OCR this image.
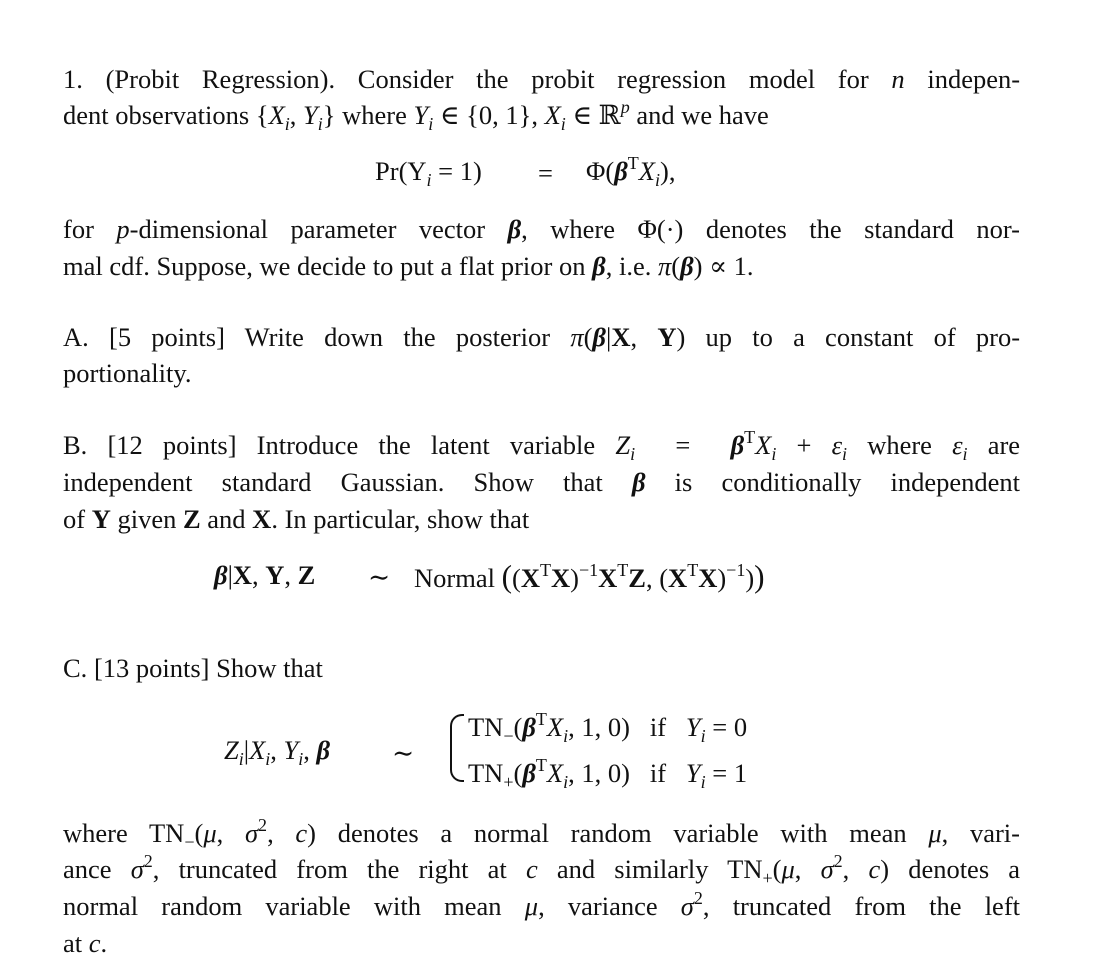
1. (Probit Regression). Consider the probit regression model for n indepen-
dent observations {$X_i$, $Y_i$} where $Y_i$ ∈ {0, 1}, $X_i$ ∈ ℝ$^p$ and we have
$Pr(Y_i = 1) = \Phi(\beta^TX_i)$,
for p-dimensional parameter vector β, where Φ(·) denotes the standard nor-
mal cdf. Suppose, we decide to put a flat prior on β, i.e. π(β) ∝ 1.
A. [5 points] Write down the posterior π(β|X, Y) up to a constant of pro-
portionality.
B. [12 points] Introduce the latent variable $Z_i = \beta^TX_i + \varepsilon_i$ where $\varepsilon_i$ are
independent standard Gaussian. Show that β is conditionally independent
of Y given Z and X. In particular, show that
β|X, Y, Z ∼ Normal ($(X^TX)^{-1}X^TZ$, $(X^TX)^{-1}$))
C. [13 points] Show that
$Z_i|X_i$, $Y_i$, β ∼
$TN_-(\beta^TX_i$, 1, 0)   if $Y_i = 0$
$TN_+(\beta^TX_i$, 1, 0)   if $Y_i = 1$
where $TN_-(\mu$, $\sigma^2$, c) denotes a normal random variable with mean μ, vari-
ance $\sigma^2$, truncated from the right at c and similarly $TN_+(\mu$, $\sigma^2$, c) denotes a
normal random variable with mean μ, variance $\sigma^2$, truncated from the left
at c.
